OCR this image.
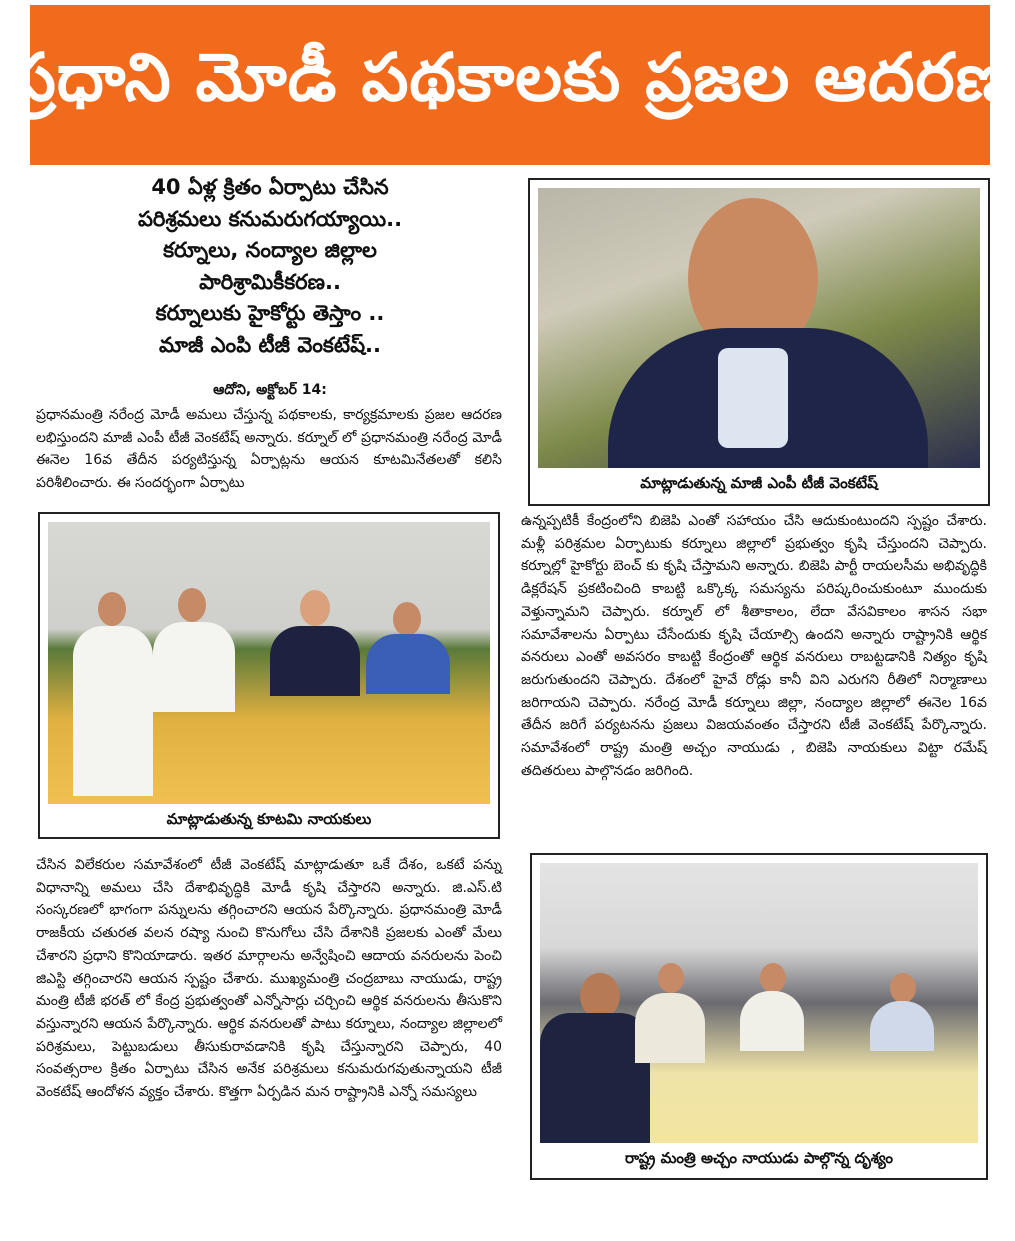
ప్రధాని మోడీ పథకాలకు ప్రజల ఆదరణ
40 ఏళ్ల క్రితం ఏర్పాటు చేసిన
పరిశ్రమలు కనుమరుగయ్యాయి..
కర్నూలు, నంద్యాల జిల్లాల
పారిశ్రామికీకరణ..
కర్నూలుకు హైకోర్టు తెస్తాం ..
మాజీ ఎంపి టీజీ వెంకటేష్..
ఆదోని, అక్టోబర్ 14:

ప్రధానమంత్రి నరేంద్ర మోడీ అమలు చేస్తున్న పథకాలకు, కార్యక్రమాలకు ప్రజల ఆదరణ లభిస్తుందని మాజీ ఎంపీ టీజీ వెంకటేష్ అన్నారు. కర్నూల్ లో ప్రధానమంత్రి నరేంద్ర మోడీ ఈనెల 16వ తేదీన పర్యటిస్తున్న ఏర్పాట్లను ఆయన కూటమినేతలతో కలిసి పరిశీలించారు. ఈ సందర్భంగా ఏర్పాటు

మాట్లాడుతున్న కూటమి నాయకులు

చేసిన విలేకరుల సమావేశంలో టీజీ వెంకటేష్ మాట్లాడుతూ ఒకే దేశం, ఒకటే పన్ను విధానాన్ని అమలు చేసి దేశాభివృద్ధికి మోడీ కృషి చేస్తారని అన్నారు. జి.ఎస్.టి సంస్కరణలో భాగంగా పన్నులను తగ్గించారని ఆయన పేర్కొన్నారు. ప్రధానమంత్రి మోడీ రాజకీయ చతురత వలన రష్యా నుంచి కొనుగోలు చేసి దేశానికి ప్రజలకు ఎంతో మేలు చేశారని ప్రధాని కొనియాడారు. ఇతర మార్గాలను అన్వేషించి ఆదాయ వనరులను పెంచి జిఎస్టి తగ్గించారని ఆయన స్పష్టం చేశారు. ముఖ్యమంత్రి చంద్రబాబు నాయుడు, రాష్ట్ర మంత్రి టీజీ భరత్ లో కేంద్ర ప్రభుత్వంతో ఎన్నోసార్లు చర్చించి ఆర్థిక వనరులను తీసుకొని వస్తున్నారని ఆయన పేర్కొన్నారు. ఆర్థిక వనరులతో పాటు కర్నూలు, నంద్యాల జిల్లాలలో పరిశ్రమలు, పెట్టుబడులు తీసుకురావడానికి కృషి చేస్తున్నారని చెప్పారు, 40 సంవత్సరాల క్రితం ఏర్పాటు చేసిన అనేక పరిశ్రమలు కనుమరుగవుతున్నాయని టీజీ వెంకటేష్ ఆందోళన వ్యక్తం చేశారు. కొత్తగా ఏర్పడిన మన రాష్ట్రానికి ఎన్నో సమస్యలు

మాట్లాడుతున్న మాజీ ఎంపీ టీజీ వెంకటేష్

ఉన్నప్పటికీ కేంద్రంలోని బిజెపి ఎంతో సహాయం చేసి ఆదుకుంటుందని స్పష్టం చేశారు. మళ్లీ పరిశ్రమల ఏర్పాటుకు కర్నూలు జిల్లాలో ప్రభుత్వం కృషి చేస్తుందని చెప్పారు. కర్నూల్లో హైకోర్టు బెంచ్ కు కృషి చేస్తామని అన్నారు. బిజెపి పార్టీ రాయలసీమ అభివృద్ధికి డిక్లరేషన్ ప్రకటించింది కాబట్టి ఒక్కొక్క సమస్యను పరిష్కరించుకుంటూ ముందుకు వెళ్తున్నామని చెప్పారు. కర్నూల్ లో శీతాకాలం, లేదా వేసవికాలం శాసన సభా సమావేశాలను ఏర్పాటు చేసేందుకు కృషి చేయాల్సి ఉందని అన్నారు రాష్ట్రానికి ఆర్థిక వనరులు ఎంతో అవసరం కాబట్టి కేంద్రంతో ఆర్థిక వనరులు రాబట్టడానికి నిత్యం కృషి జరుగుతుందని చెప్పారు. దేశంలో హైవే రోడ్లు కానీ విని ఎరుగని రీతిలో నిర్మాణాలు జరిగాయని చెప్పారు. నరేంద్ర మోడీ కర్నూలు జిల్లా, నంద్యాల జిల్లాలో ఈనెల 16వ తేదీన జరిగే పర్యటనను ప్రజలు విజయవంతం చేస్తారని టీజీ వెంకటేష్ పేర్కొన్నారు. సమావేశంలో రాష్ట్ర మంత్రి అచ్చం నాయుడు , బిజెపి నాయకులు విట్టా రమేష్ తదితరులు పాల్గొనడం జరిగింది.

రాష్ట్ర మంత్రి అచ్చం నాయుడు పాల్గొన్న దృశ్యం
